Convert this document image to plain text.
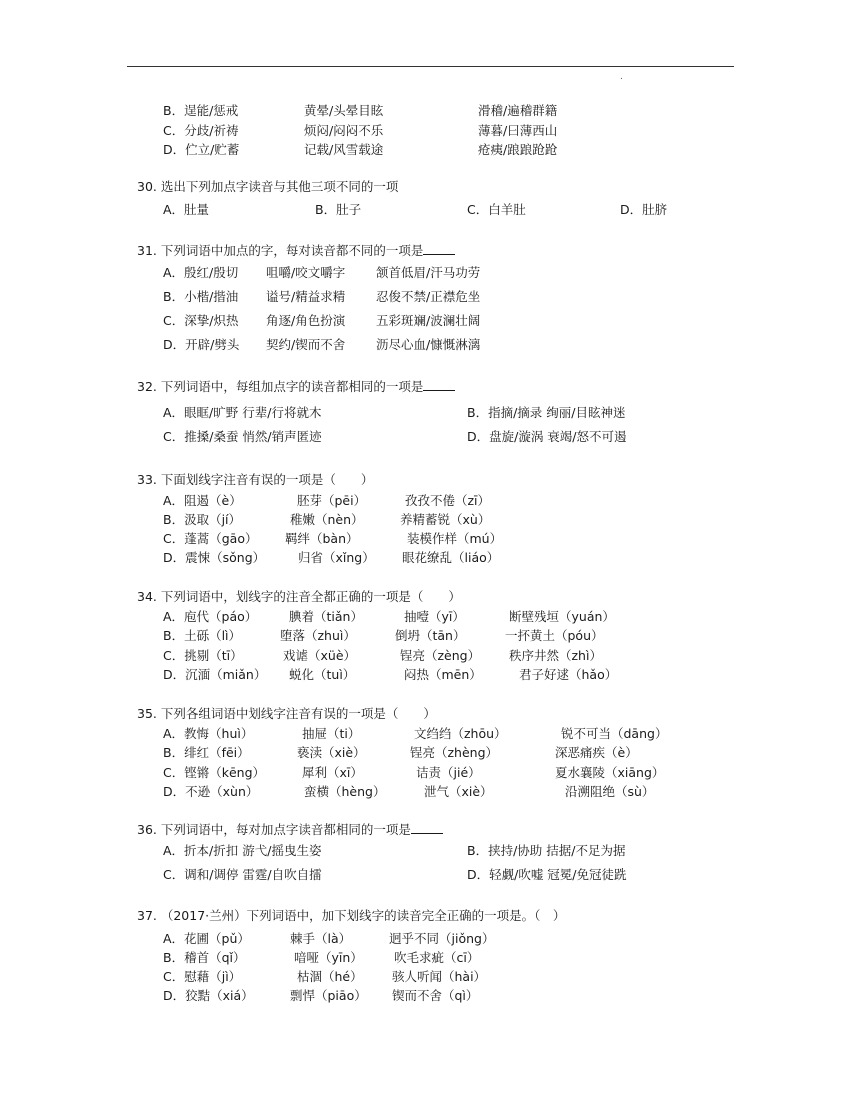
.
B．逞能/惩戒	黄晕/头晕目眩	滑稽/遍稽群籍
C．分歧/祈祷	烦闷/闷闷不乐	薄暮/曰薄西山
D．伫立/贮蓄	记载/风雪载途	疮痍/踉踉跄跄
30. 选出下列加点字读音与其他三项不同的一项
A．肚量	B．肚子	C．白羊肚	D．肚脐
31. 下列词语中加点的字，每对读音都不同的一项是
A．殷红/殷切 咀嚼/咬文嚼字 颔首低眉/汗马功劳
B．小楷/揩油 谥号/精益求精 忍俊不禁/正襟危坐
C．深挚/炽热 角逐/角色扮演 五彩斑斓/波澜壮阔
D．开辟/劈头 契约/锲而不舍 沥尽心血/慷慨淋漓
32. 下列词语中，每组加点字的读音都相同的一项是
A．眼眶/旷野 行辈/行将就木	B．指摘/摘录 绚丽/目眩神迷
C．推搡/桑蚕 悄然/销声匿迹	D．盘旋/漩涡 衰竭/怒不可遏
33. 下面划线字注音有误的一项是（　　）
A．阻遏（è）	胚芽（pēi）	孜孜不倦（zī）
B．汲取（jí）	稚嫩（nèn）	养精蓄锐（xù）
C．蓬蒿（gāo） 羁绊（bàn）	装模作样（mú）
D．震悚（sǒng）	归省（xǐng） 眼花缭乱（liáo）
34. 下列词语中，划线字的注音全都正确的一项是（　　）
A．庖代（páo）	腆着（tiǎn）	抽噎（yī）	断壁残垣（yuán）
B．土砾（lì）	堕落（zhuì）	倒坍（tān）	一抔黄土（póu）
C．挑剔（tī）	戏谑（xüè）	锃亮（zèng） 秩序井然（zhì）
D．沉湎（miǎn） 蜕化（tuì）	闷热（mēn）	君子好逑（hǎo）
35. 下列各组词语中划线字注音有误的一项是（　　）
A．教悔（huì）	抽屉（ti）	文绉绉（zhōu）	锐不可当（dāng）
B．绯红（fēi）	亵渎（xiè）	锃亮（zhèng）	深恶痛疾（è）
C．铿锵（kēng）	犀利（xī）	诘责（jié）	夏水襄陵（xiāng）
D．不逊（xùn）	蛮横（hèng）	泄气（xiè）	沿溯阻绝（sù）
36. 下列词语中，每对加点字读音都相同的一项是
A．折本/折扣 游弋/摇曳生姿	B．挟持/协助 拮据/不足为据
C．调和/调停 雷霆/自吹自擂	D．轻觑/吹嘘 冠冕/免冠徒跣
37. （2017·兰州）下列词语中，加下划线字的读音完全正确的一项是。（　）
A．花圃（pǔ）	棘手（là）	迥乎不同（jiǒng）
B．稽首（qǐ）	喑哑（yīn） 吹毛求疵（cī）
C．慰藉（jì）	枯涸（hé） 骇人听闻（hài）
D．狡黠（xiá）	剽悍（piāo） 锲而不舍（qì）
